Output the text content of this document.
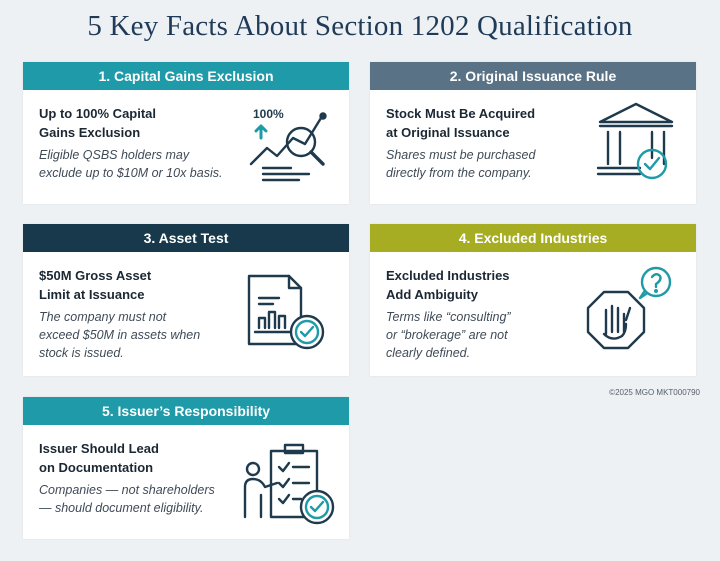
5 Key Facts About Section 1202 Qualification
1. Capital Gains Exclusion
Up to 100% Capital
Gains Exclusion
Eligible QSBS holders may
exclude up to $10M or 10x basis.
100%
2. Original Issuance Rule
Stock Must Be Acquired
at Original Issuance
Shares must be purchased
directly from the company.
3. Asset Test
$50M Gross Asset
Limit at Issuance
The company must not
exceed $50M in assets when
stock is issued.
4. Excluded Industries
Excluded Industries
Add Ambiguity
Terms like “consulting”
or “brokerage” are not
clearly defined.
©2025 MGO MKT000790
5. Issuer’s Responsibility
Issuer Should Lead
on Documentation
Companies — not shareholders
— should document eligibility.
